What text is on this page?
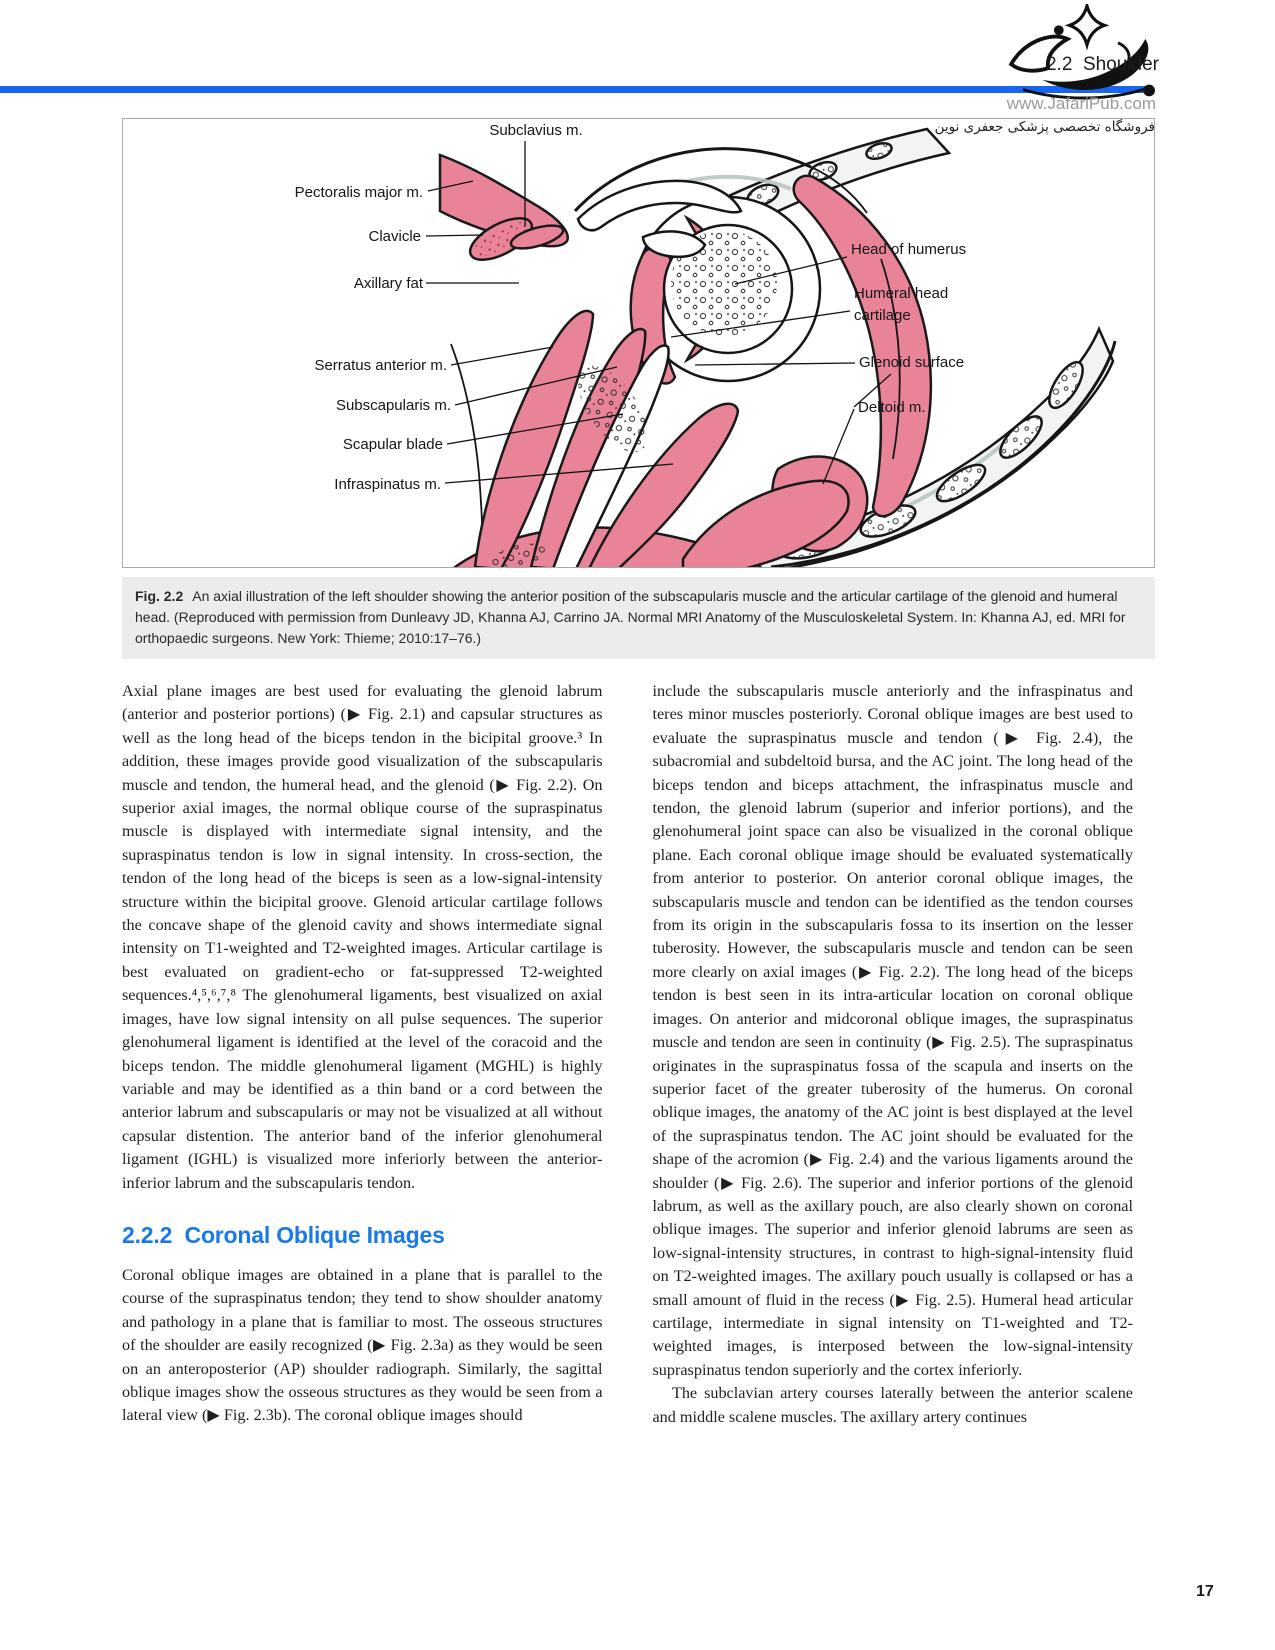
2.2  Shoulder
www.JafariPub.com
فروشگاه تخصصی پزشکی جعفری نوین
Subclavius m.
Pectoralis major m.
Clavicle
Axillary fat
Serratus anterior m.
Subscapularis m.
Scapular blade
Infraspinatus m.
Head of humerus
Humeral head
cartilage
Glenoid surface
Deltoid m.
Fig. 2.2 An axial illustration of the left shoulder showing the anterior position of the subscapularis muscle and the articular cartilage of the glenoid and humeral head. (Reproduced with permission from Dunleavy JD, Khanna AJ, Carrino JA. Normal MRI Anatomy of the Musculoskeletal System. In: Khanna AJ, ed. MRI for orthopaedic surgeons. New York: Thieme; 2010:17–76.)

Axial plane images are best used for evaluating the glenoid labrum (anterior and posterior portions) (▶ Fig. 2.1) and capsular structures as well as the long head of the biceps tendon in the bicipital groove.³ In addition, these images provide good visualization of the subscapularis muscle and tendon, the humeral head, and the glenoid (▶ Fig. 2.2). On superior axial images, the normal oblique course of the supraspinatus muscle is displayed with intermediate signal intensity, and the supraspinatus tendon is low in signal intensity. In cross-section, the tendon of the long head of the biceps is seen as a low-signal-intensity structure within the bicipital groove. Glenoid articular cartilage follows the concave shape of the glenoid cavity and shows intermediate signal intensity on T1-weighted and T2-weighted images. Articular cartilage is best evaluated on gradient-echo or fat-suppressed T2-weighted sequences.⁴,⁵,⁶,⁷,⁸ The glenohumeral ligaments, best visualized on axial images, have low signal intensity on all pulse sequences. The superior glenohumeral ligament is identified at the level of the coracoid and the biceps tendon. The middle glenohumeral ligament (MGHL) is highly variable and may be identified as a thin band or a cord between the anterior labrum and subscapularis or may not be visualized at all without capsular distention. The anterior band of the inferior glenohumeral ligament (IGHL) is visualized more inferiorly between the anterior-inferior labrum and the subscapularis tendon.

2.2.2  Coronal Oblique Images

Coronal oblique images are obtained in a plane that is parallel to the course of the supraspinatus tendon; they tend to show shoulder anatomy and pathology in a plane that is familiar to most. The osseous structures of the shoulder are easily recognized (▶ Fig. 2.3a) as they would be seen on an anteroposterior (AP) shoulder radiograph. Similarly, the sagittal oblique images show the osseous structures as they would be seen from a lateral view (▶ Fig. 2.3b). The coronal oblique images should

include the subscapularis muscle anteriorly and the infraspinatus and teres minor muscles posteriorly. Coronal oblique images are best used to evaluate the supraspinatus muscle and tendon (▶ Fig. 2.4), the subacromial and subdeltoid bursa, and the AC joint. The long head of the biceps tendon and biceps attachment, the infraspinatus muscle and tendon, the glenoid labrum (superior and inferior portions), and the glenohumeral joint space can also be visualized in the coronal oblique plane. Each coronal oblique image should be evaluated systematically from anterior to posterior. On anterior coronal oblique images, the subscapularis muscle and tendon can be identified as the tendon courses from its origin in the subscapularis fossa to its insertion on the lesser tuberosity. However, the subscapularis muscle and tendon can be seen more clearly on axial images (▶ Fig. 2.2). The long head of the biceps tendon is best seen in its intra-articular location on coronal oblique images. On anterior and midcoronal oblique images, the supraspinatus muscle and tendon are seen in continuity (▶ Fig. 2.5). The supraspinatus originates in the supraspinatus fossa of the scapula and inserts on the superior facet of the greater tuberosity of the humerus. On coronal oblique images, the anatomy of the AC joint is best displayed at the level of the supraspinatus tendon. The AC joint should be evaluated for the shape of the acromion (▶ Fig. 2.4) and the various ligaments around the shoulder (▶ Fig. 2.6). The superior and inferior portions of the glenoid labrum, as well as the axillary pouch, are also clearly shown on coronal oblique images. The superior and inferior glenoid labrums are seen as low-signal-intensity structures, in contrast to high-signal-intensity fluid on T2-weighted images. The axillary pouch usually is collapsed or has a small amount of fluid in the recess (▶ Fig. 2.5). Humeral head articular cartilage, intermediate in signal intensity on T1-weighted and T2-weighted images, is interposed between the low-signal-intensity supraspinatus tendon superiorly and the cortex inferiorly.

The subclavian artery courses laterally between the anterior scalene and middle scalene muscles. The axillary artery continues

17
